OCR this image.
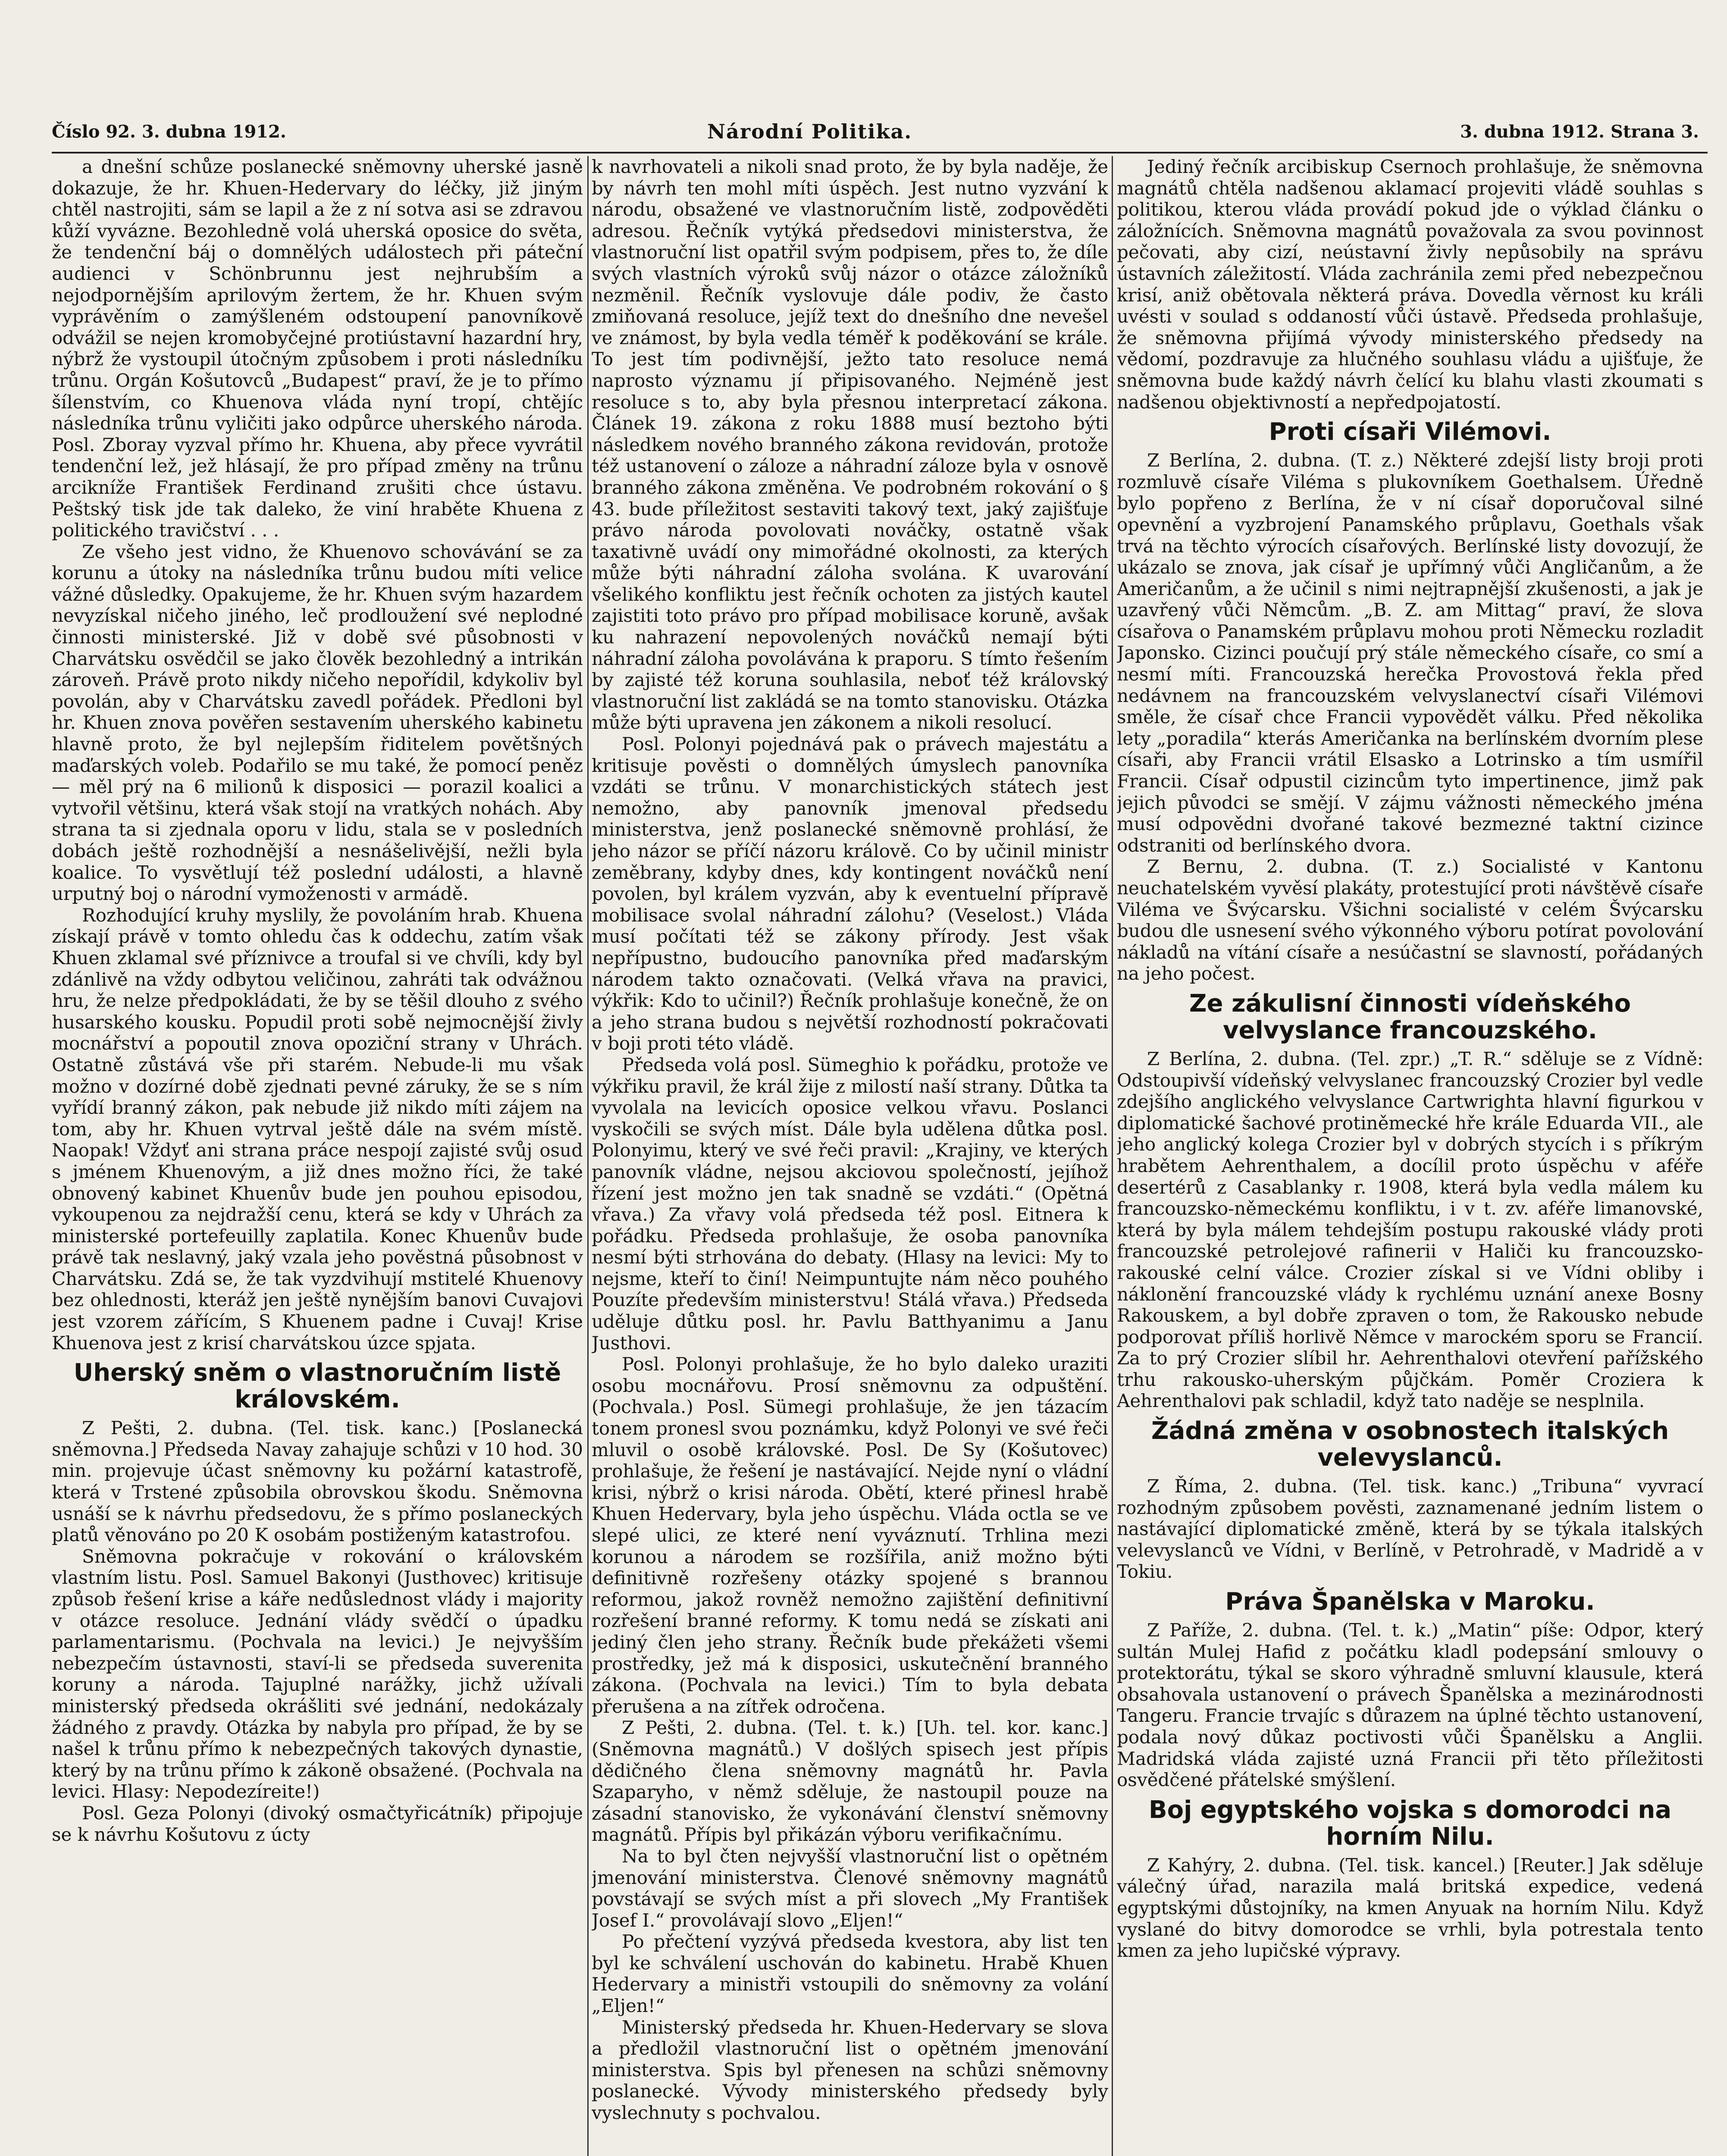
Číslo 92. 3. dubna 1912.	Národní Politika.	3. dubna 1912. Strana 3.

a dnešní schůze poslanecké sněmovny uherské jasně dokazuje, že hr. Khuen-Hedervary do léčky, již jiným chtěl nastrojiti, sám se lapil a že z ní sotva asi se zdravou kůží vyvázne. Bezohledně volá uherská oposice do světa, že tendenční báj o domnělých událostech při páteční audienci v Schönbrunnu jest nejhrubším a nejodpornějším aprilovým žertem, že hr. Khuen svým vyprávěním o zamýšleném odstoupení panovníkově odvážil se nejen kromobyčejné protiústavní hazardní hry, nýbrž že vystoupil útočným způsobem i proti následníku trůnu. Orgán Košutovců „Budapest“ praví, že je to přímo šílenstvím, co Khuenova vláda nyní tropí, chtějíc následníka trůnu vyličiti jako odpůrce uherského národa. Posl. Zboray vyzval přímo hr. Khuena, aby přece vyvrátil tendenční lež, jež hlásají, že pro případ změny na trůnu arcikníže František Ferdinand zrušiti chce ústavu. Peštský tisk jde tak daleko, že viní hraběte Khuena z politického travičství . . .

Ze všeho jest vidno, že Khuenovo schovávání se za korunu a útoky na následníka trůnu budou míti velice vážné důsledky. Opakujeme, že hr. Khuen svým hazardem nevyzískal ničeho jiného, leč prodloužení své neplodné činnosti ministerské. Již v době své působnosti v Charvátsku osvědčil se jako člověk bezohledný a intrikán zároveň. Právě proto nikdy ničeho nepořídil, kdykoliv byl povolán, aby v Charvátsku zavedl pořádek. Předloni byl hr. Khuen znova pověřen sestavením uherského kabinetu hlavně proto, že byl nejlepším řiditelem povětšných maďarských voleb. Podařilo se mu také, že pomocí peněz — měl prý na 6 milionů k disposici — porazil koalici a vytvořil většinu, která však stojí na vratkých nohách. Aby strana ta si zjednala oporu v lidu, stala se v posledních dobách ještě rozhodnější a nesnášelivější, nežli byla koalice. To vysvětlují též poslední události, a hlavně urputný boj o národní vymoženosti v armádě.

Rozhodující kruhy myslily, že povoláním hrab. Khuena získají právě v tomto ohledu čas k oddechu, zatím však Khuen zklamal své příznivce a troufal si ve chvíli, kdy byl zdánlivě na vždy odbytou veličinou, zahráti tak odvážnou hru, že nelze předpokládati, že by se těšil dlouho z svého husarského kousku. Popudil proti sobě nejmocnější živly mocnářství a popoutil znova opoziční strany v Uhrách. Ostatně zůstává vše při starém. Nebude-li mu však možno v dozírné době zjednati pevné záruky, že se s ním vyřídí branný zákon, pak nebude již nikdo míti zájem na tom, aby hr. Khuen vytrval ještě dále na svém místě. Naopak! Vždyť ani strana práce nespojí zajisté svůj osud s jménem Khuenovým, a již dnes možno říci, že také obnovený kabinet Khuenův bude jen pouhou episodou, vykoupenou za nejdražší cenu, která se kdy v Uhrách za ministerské portefeuilly zaplatila. Konec Khuenův bude právě tak neslavný, jaký vzala jeho pověstná působnost v Charvátsku. Zdá se, že tak vyzdvihují mstitelé Khuenovy bez ohlednosti, kteráž jen ještě nynějším banovi Cuvajovi jest vzorem zářícím, S Khuenem padne i Cuvaj! Krise Khuenova jest z krisí charvátskou úzce spjata.

Uherský sněm o vlastnoručním listě královském.

Z Pešti, 2. dubna. (Tel. tisk. kanc.) [Poslanecká sněmovna.] Předseda Navay zahajuje schůzi v 10 hod. 30 min. projevuje účast sněmovny ku požární katastrofě, která v Trstené způsobila obrovskou škodu. Sněmovna usnáší se k návrhu předsedovu, že s přímo poslaneckých platů věnováno po 20 K osobám postiženým katastrofou.

Sněmovna pokračuje v rokování o královském vlastním listu. Posl. Samuel Bakonyi (Justhovec) kritisuje způsob řešení krise a káře nedůslednost vlády i majority v otázce resoluce. Jednání vlády svědčí o úpadku parlamentarismu. (Pochvala na levici.) Je nejvyšším nebezpečím ústavnosti, staví-li se předseda suverenita koruny a národa. Tajuplné narážky, jichž užívali ministerský předseda okrášliti své jednání, nedokázaly žádného z pravdy. Otázka by nabyla pro případ, že by se našel k trůnu přímo k nebezpečných takových dynastie, který by na trůnu přímo k zákoně obsažené. (Pochvala na levici. Hlasy: Nepodezíreite!)

Posl. Geza Polonyi (divoký osmačtyřicátník) připojuje se k návrhu Košutovu z úcty

k navrhovateli a nikoli snad proto, že by byla naděje, že by návrh ten mohl míti úspěch. Jest nutno vyzvání k národu, obsažené ve vlastnoručním listě, zodpověděti adresou. Řečník vytýká předsedovi ministerstva, že vlastnoruční list opatřil svým podpisem, přes to, že díle svých vlastních výroků svůj názor o otázce záložníků nezměnil. Řečník vyslovuje dále podiv, že často zmiňovaná resoluce, jejíž text do dnešního dne nevešel ve známost, by byla vedla téměř k poděkování se krále. To jest tím podivnější, ježto tato resoluce nemá naprosto významu jí připisovaného. Nejméně jest resoluce s to, aby byla přesnou interpretací zákona. Článek 19. zákona z roku 1888 musí beztoho býti následkem nového branného zákona revidován, protože též ustanovení o záloze a náhradní záloze byla v osnově branného zákona změněna. Ve podrobném rokování o § 43. bude příležitost sestaviti takový text, jaký zajišťuje právo národa povolovati nováčky, ostatně však taxativně uvádí ony mimořádné okolnosti, za kterých může býti náhradní záloha svolána. K uvarování všelikého konfliktu jest řečník ochoten za jistých kautel zajistiti toto právo pro případ mobilisace koruně, avšak ku nahrazení nepovolených nováčků nemají býti náhradní záloha povolávána k praporu. S tímto řešením by zajisté též koruna souhlasila, neboť též královský vlastnoruční list zakládá se na tomto stanovisku. Otázka může býti upravena jen zákonem a nikoli resolucí.

Posl. Polonyi pojednává pak o právech majestátu a kritisuje pověsti o domnělých úmyslech panovníka vzdáti se trůnu. V monarchistických státech jest nemožno, aby panovník jmenoval předsedu ministerstva, jenž poslanecké sněmovně prohlásí, že jeho názor se příčí názoru králově. Co by učinil ministr zeměbrany, kdyby dnes, kdy kontingent nováčků není povolen, byl králem vyzván, aby k eventuelní přípravě mobilisace svolal náhradní zálohu? (Veselost.) Vláda musí počítati též se zákony přírody. Jest však nepřípustno, budoucího panovníka před maďarským národem takto označovati. (Velká vřava na pravici, výkřik: Kdo to učinil?) Řečník prohlašuje konečně, že on a jeho strana budou s největší rozhodností pokračovati v boji proti této vládě.

Předseda volá posl. Sümeghio k pořádku, protože ve výkřiku pravil, že král žije z milostí naší strany. Důtka ta vyvolala na levicích oposice velkou vřavu. Poslanci vyskočili se svých míst. Dále byla udělena důtka posl. Polonyimu, který ve své řeči pravil: „Krajiny, ve kterých panovník vládne, nejsou akciovou společností, jejíhož řízení jest možno jen tak snadně se vzdáti.“ (Opětná vřava.) Za vřavy volá předseda též posl. Eitnera k pořádku. Předseda prohlašuje, že osoba panovníka nesmí býti strhována do debaty. (Hlasy na levici: My to nejsme, kteří to činí! Neimpuntujte nám něco pouhého Pouzíte především ministerstvu! Stálá vřava.) Předseda uděluje důtku posl. hr. Pavlu Batthyanimu a Janu Justhovi.

Posl. Polonyi prohlašuje, že ho bylo daleko uraziti osobu mocnářovu. Prosí sněmovnu za odpuštění. (Pochvala.) Posl. Sümegi prohlašuje, že jen tázacím tonem pronesl svou poznámku, když Polonyi ve své řeči mluvil o osobě královské. Posl. De Sy (Košutovec) prohlašuje, že řešení je nastávající. Nejde nyní o vládní krisi, nýbrž o krisi národa. Obětí, které přinesl hrabě Khuen Hedervary, byla jeho úspěchu. Vláda octla se ve slepé ulici, ze které není vyváznutí. Trhlina mezi korunou a národem se rozšířila, aniž možno býti definitivně rozřešeny otázky spojené s brannou reformou, jakož rovněž nemožno zajištění definitivní rozřešení branné reformy. K tomu nedá se získati ani jediný člen jeho strany. Řečník bude překážeti všemi prostředky, jež má k disposici, uskutečnění branného zákona. (Pochvala na levici.) Tím to byla debata přerušena a na zítřek odročena.

Z Pešti, 2. dubna. (Tel. t. k.) [Uh. tel. kor. kanc.] (Sněmovna magnátů.) V došlých spisech jest přípis dědičného člena sněmovny magnátů hr. Pavla Szaparyho, v němž sděluje, že nastoupil pouze na zásadní stanovisko, že vykonávání členství sněmovny magnátů. Přípis byl přikázán výboru verifikačnímu.

Na to byl čten nejvyšší vlastnoruční list o opětném jmenování ministerstva. Členové sněmovny magnátů povstávají se svých míst a při slovech „My František Josef I.“ provolávají slovo „Eljen!“

Po přečtení vyzývá předseda kvestora, aby list ten byl ke schválení uschován do kabinetu. Hrabě Khuen Hedervary a ministři vstoupili do sněmovny za volání „Eljen!“

Ministerský předseda hr. Khuen-Hedervary se slova a předložil vlastnoruční list o opětném jmenování ministerstva. Spis byl přenesen na schůzi sněmovny poslanecké. Vývody ministerského předsedy byly vyslechnuty s pochvalou.

Jediný řečník arcibiskup Csernoch prohlašuje, že sněmovna magnátů chtěla nadšenou aklamací projeviti vládě souhlas s politikou, kterou vláda provádí pokud jde o výklad článku o záložnících. Sněmovna magnátů považovala za svou povinnost pečovati, aby cizí, neústavní živly nepůsobily na správu ústavních záležitostí. Vláda zachránila zemi před nebezpečnou krisí, aniž obětovala některá práva. Dovedla věrnost ku králi uvésti v soulad s oddaností vůči ústavě. Předseda prohlašuje, že sněmovna přijímá vývody ministerského předsedy na vědomí, pozdravuje za hlučného souhlasu vládu a ujišťuje, že sněmovna bude každý návrh čelící ku blahu vlasti zkoumati s nadšenou objektivností a nepředpojatostí.

Proti císaři Vilémovi.

Z Berlína, 2. dubna. (T. z.) Některé zdejší listy broji proti rozmluvě císaře Viléma s plukovníkem Goethalsem. Úředně bylo popřeno z Berlína, že v ní císař doporučoval silné opevnění a vyzbrojení Panamského průplavu, Goethals však trvá na těchto výrocích císařových. Berlínské listy dovozují, že ukázalo se znova, jak císař je upřímný vůči Angličanům, a že Američanům, a že učinil s nimi nejtrapnější zkušenosti, a jak je uzavřený vůči Němcům. „B. Z. am Mittag“ praví, že slova císařova o Panamském průplavu mohou proti Německu rozladit Japonsko. Cizinci poučují prý stále německého císaře, co smí a nesmí míti. Francouzská herečka Provostová řekla před nedávnem na francouzském velvyslanectví císaři Vilémovi směle, že císař chce Francii vypovědět válku. Před několika lety „poradila“ kterás Američanka na berlínském dvorním plese císaři, aby Francii vrátil Elsasko a Lotrinsko a tím usmířil Francii. Císař odpustil cizincům tyto impertinence, jimž pak jejich původci se smějí. V zájmu vážnosti německého jména musí odpovědni dvořané takové bezmezné taktní cizince odstraniti od berlínského dvora.

Z Bernu, 2. dubna. (T. z.) Socialisté v Kantonu neuchatelském vyvěsí plakáty, protestující proti návštěvě císaře Viléma ve Švýcarsku. Všichni socialisté v celém Švýcarsku budou dle usnesení svého výkonného výboru potírat povolování nákladů na vítání císaře a nesúčastní se slavností, pořádaných na jeho počest.

Ze zákulisní činnosti vídeňského velvyslance francouzského.

Z Berlína, 2. dubna. (Tel. zpr.) „T. R.“ sděluje se z Vídně: Odstoupivší vídeňský velvyslanec francouzský Crozier byl vedle zdejšího anglického velvyslance Cartwrighta hlavní figurkou v diplomatické šachové protiněmecké hře krále Eduarda VII., ale jeho anglický kolega Crozier byl v dobrých stycích i s příkrým hrabětem Aehrenthalem, a docílil proto úspěchu v aféře desertérů z Casablanky r. 1908, která byla vedla málem ku francouzsko-německému konfliktu, i v t. zv. aféře limanovské, která by byla málem tehdejším postupu rakouské vlády proti francouzské petrolejové rafinerii v Haliči ku francouzsko-rakouské celní válce. Crozier získal si ve Vídni obliby i náklonění francouzské vlády k rychlému uznání anexe Bosny Rakouskem, a byl dobře zpraven o tom, že Rakousko nebude podporovat příliš horlivě Němce v marockém sporu se Francií. Za to prý Crozier slíbil hr. Aehrenthalovi otevření pařížského trhu rakousko-uherským půjčkám. Poměr Croziera k Aehrenthalovi pak schladil, když tato naděje se nesplnila.

Žádná změna v osobnostech italských velevyslanců.

Z Říma, 2. dubna. (Tel. tisk. kanc.) „Tribuna“ vyvrací rozhodným způsobem pověsti, zaznamenané jedním listem o nastávající diplomatické změně, která by se týkala italských velevyslanců ve Vídni, v Berlíně, v Petrohradě, v Madridě a v Tokiu.

Práva Španělska v Maroku.

Z Paříže, 2. dubna. (Tel. t. k.) „Matin“ píše: Odpor, který sultán Mulej Hafid z počátku kladl podepsání smlouvy o protektorátu, týkal se skoro výhradně smluvní klausule, která obsahovala ustanovení o právech Španělska a mezinárodnosti Tangeru. Francie trvajíc s důrazem na úplné těchto ustanovení, podala nový důkaz poctivosti vůči Španělsku a Anglii. Madridská vláda zajisté uzná Francii při těto příležitosti osvědčené přátelské smýšlení.

Boj egyptského vojska s domorodci na horním Nilu.

Z Kahýry, 2. dubna. (Tel. tisk. kancel.) [Reuter.] Jak sděluje válečný úřad, narazila malá britská expedice, vedená egyptskými důstojníky, na kmen Anyuak na horním Nilu. Když vyslané do bitvy domorodce se vrhli, byla potrestala tento kmen za jeho lupičské výpravy.
